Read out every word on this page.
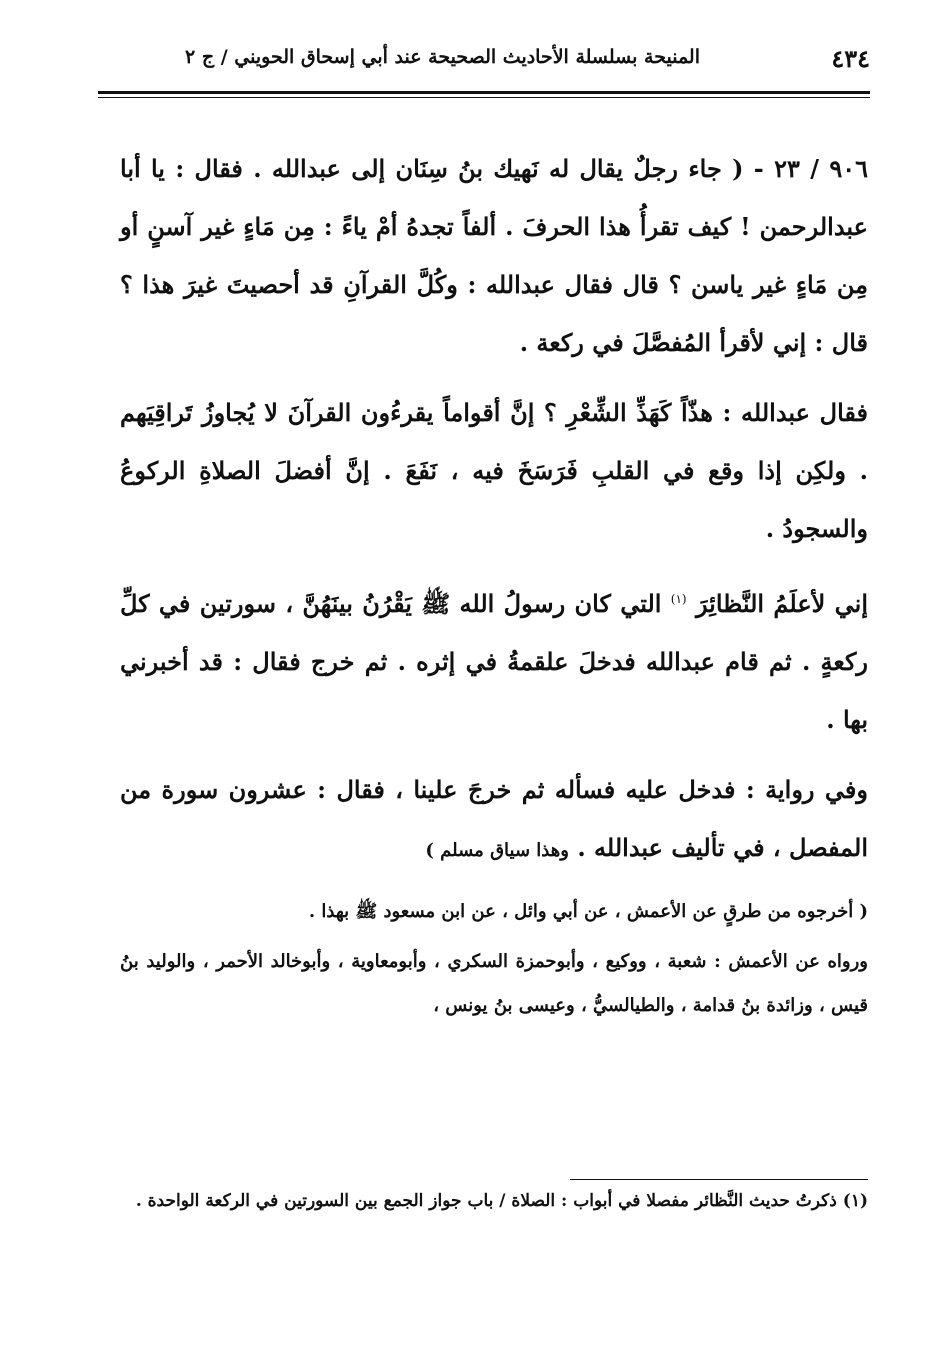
٤٣٤
المنيحة بسلسلة الأحاديث الصحيحة عند أبي إسحاق الحويني / ج ٢

٩٠٦ / ٢٣ - ( جاء رجلٌ يقال له نَهيك بنُ سِنَان إلى عبدالله . فقال : يا أبا عبدالرحمن ! كيف تقرأُ هذا الحرفَ . ألفاً تجدهُ أمْ ياءً : مِن مَاءٍ غير آسنٍ أو مِن مَاءٍ غير ياسن ؟ قال فقال عبدالله : وكُلَّ القرآنِ قد أحصيتَ غيرَ هذا ؟ قال : إني لأقرأ المُفصَّلَ في ركعة .

فقال عبدالله : هذّاً كَهَذِّ الشِّعْرِ ؟ إنَّ أقواماً يقرءُون القرآنَ لا يُجاوزُ تَراقِيَهم . ولكِن إذا وقع في القلبِ فَرَسَخَ فيه ، نَفَعَ . إنَّ أفضلَ الصلاةِ الركوعُ والسجودُ .

إني لأعلَمُ النَّظائِرَ $^{(١)}$ التي كان رسولُ الله ﷺ يَقْرُنُ بينَهُنَّ ، سورتين في كلِّ ركعةٍ . ثم قام عبدالله فدخلَ علقمةُ في إثره . ثم خرج فقال : قد أخبرني بها .

وفي رواية : فدخل عليه فسأله ثم خرجَ علينا ، فقال : عشرون سورة من المفصل ، في تأليف عبدالله . وهذا سياق مسلم )

( أخرجوه من طرقٍ عن الأعمش ، عن أبي وائل ، عن ابن مسعود ﷺ بهذا .

ورواه عن الأعمش : شعبة ، ووكيع ، وأبوحمزة السكري ، وأبومعاوية ، وأبوخالد الأحمر ، والوليد بنُ قيس ، وزائدة بنُ قدامة ، والطيالسيُّ ، وعيسى بنُ يونس ،

(١) ذكرتُ حديث النَّظائر مفصلا في أبواب : الصلاة / باب جواز الجمع بين السورتين في الركعة الواحدة .
